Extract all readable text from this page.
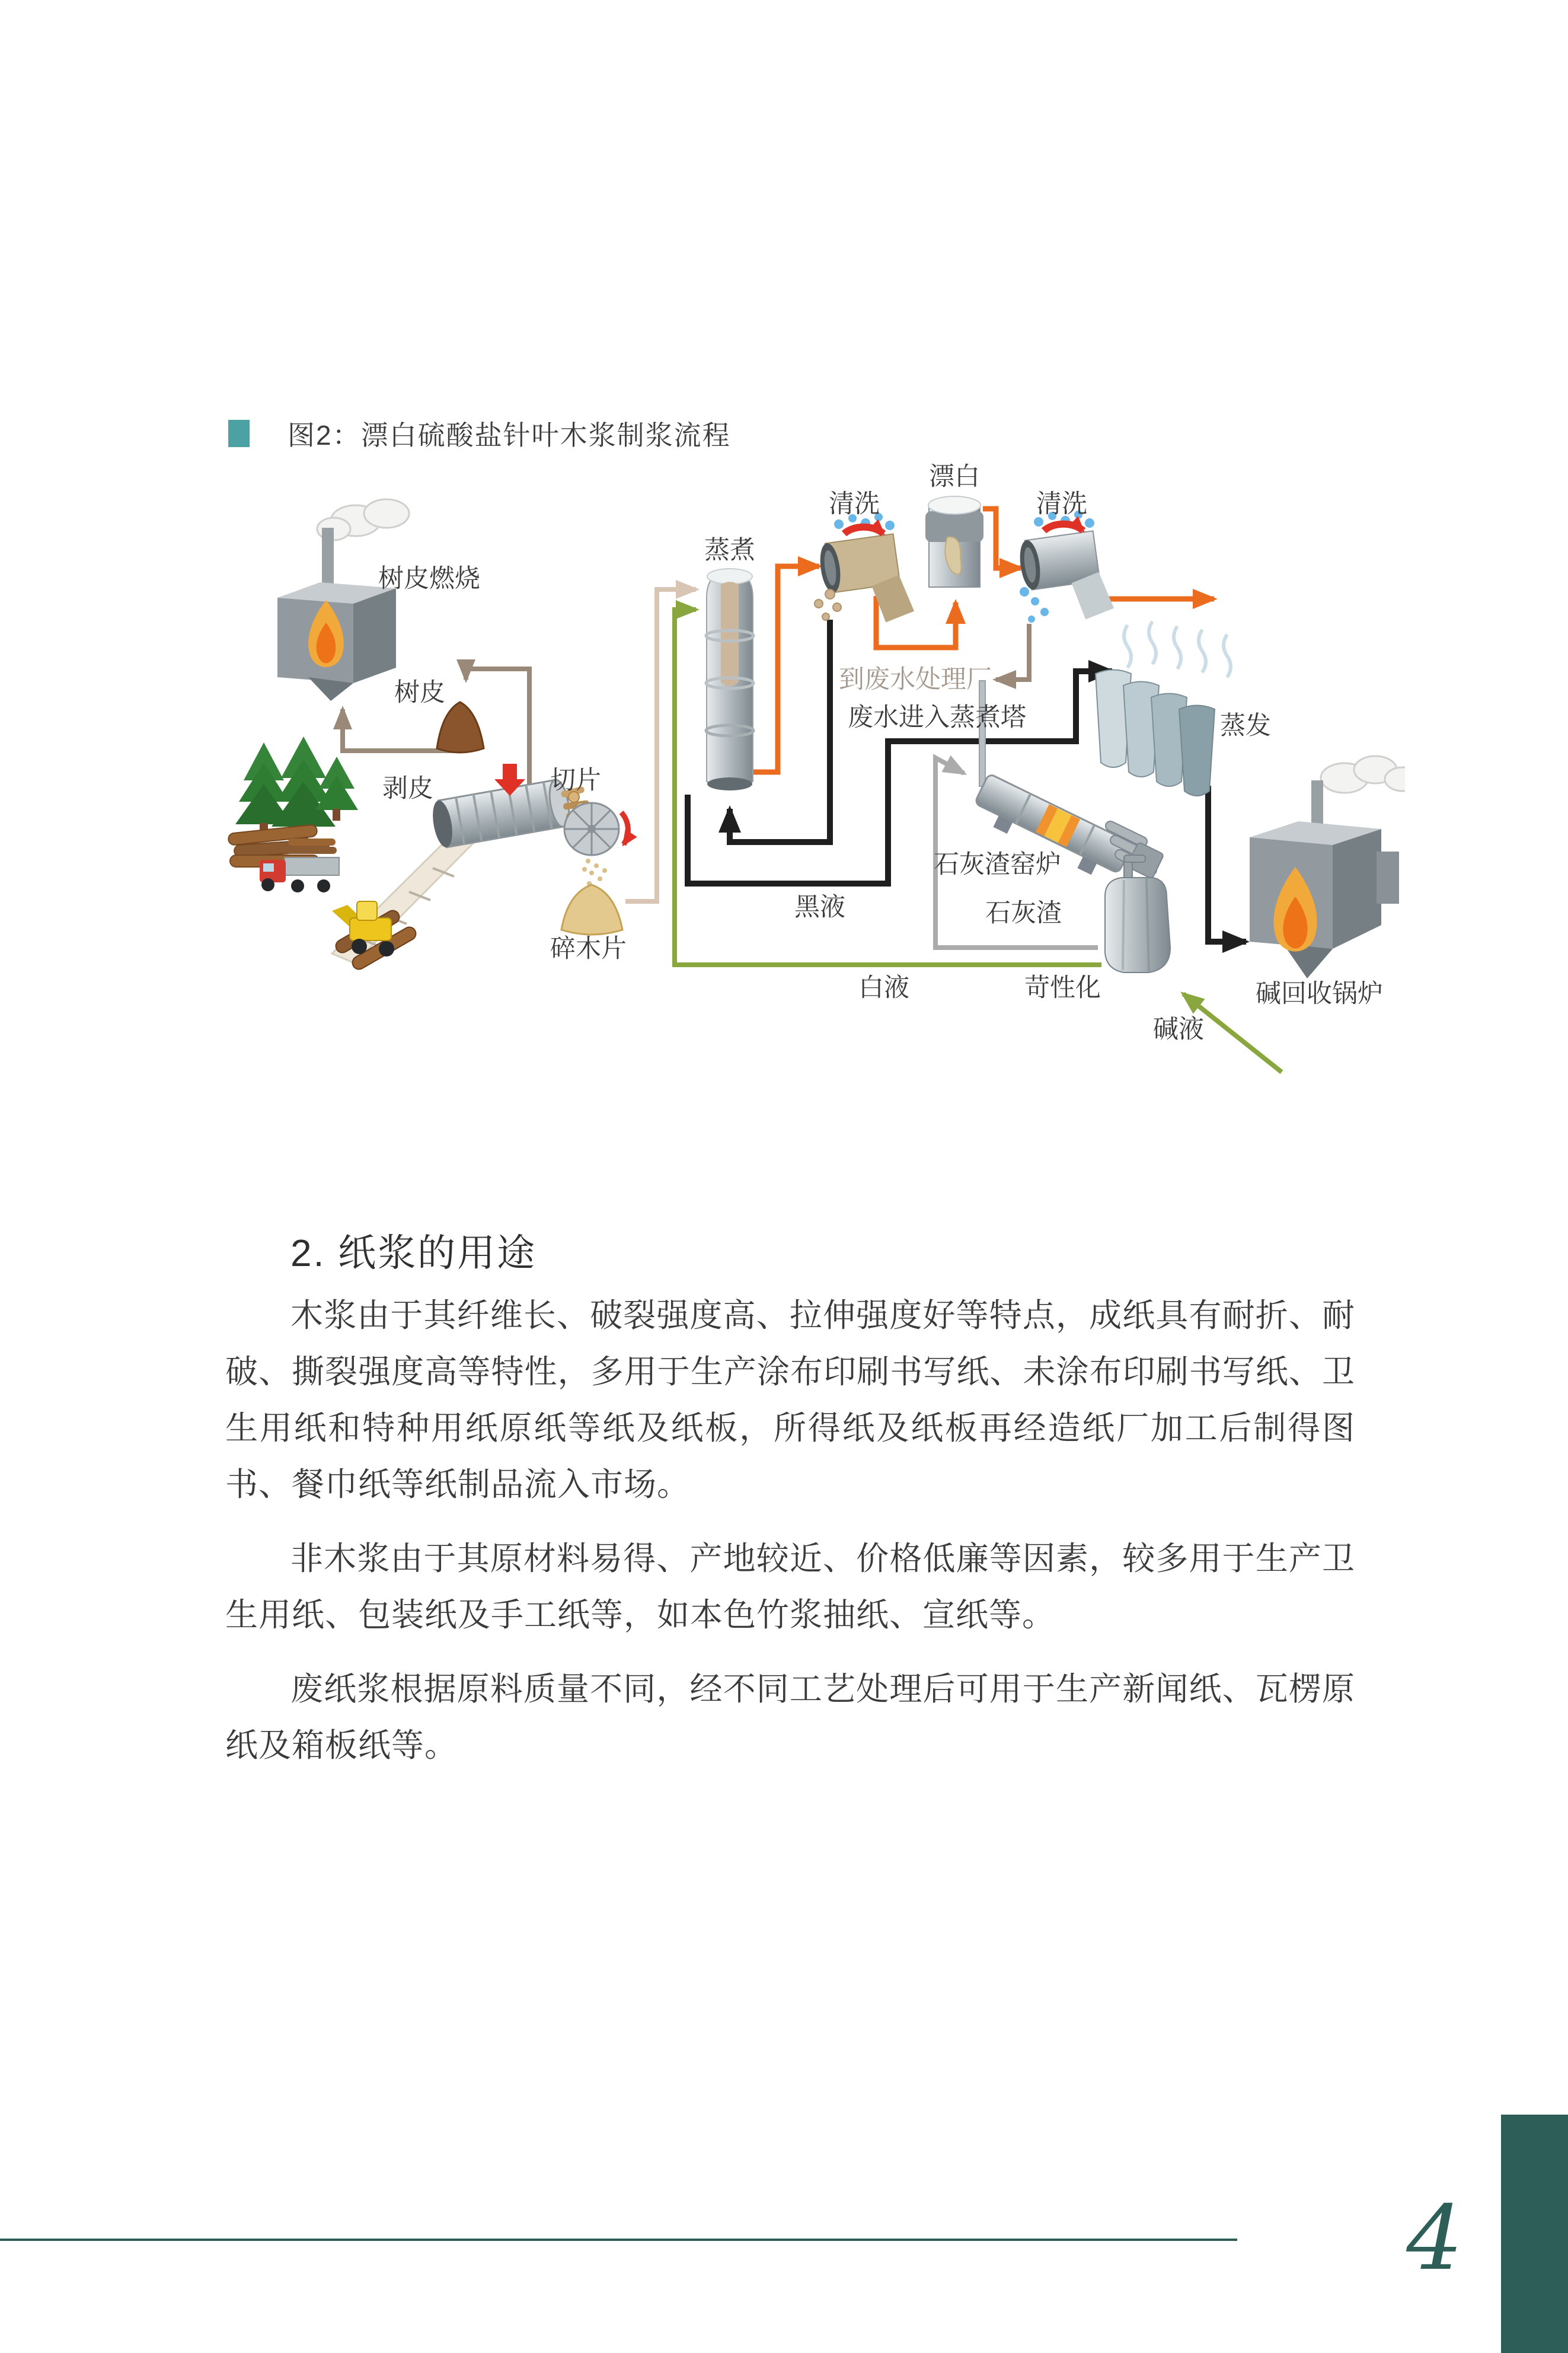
图2：漂白硫酸盐针叶木浆制浆流程
树皮燃烧
树皮
剥皮	切片
碎木片
蒸煮
清洗
漂白
清洗
到废水处理厂
废水进入蒸煮塔
黑液
石灰渣窑炉
石灰渣
白液	苛性化	碱回收锅炉
碱液
蒸发
2. 纸浆的用途

木浆由于其纤维长、破裂强度高、拉伸强度好等特点，成纸具有耐折、耐破、撕裂强度高等特性，多用于生产涂布印刷书写纸、未涂布印刷书写纸、卫生用纸和特种用纸原纸等纸及纸板，所得纸及纸板再经造纸厂加工后制得图书、餐巾纸等纸制品流入市场。

非木浆由于其原材料易得、产地较近、价格低廉等因素，较多用于生产卫生用纸、包装纸及手工纸等，如本色竹浆抽纸、宣纸等。

废纸浆根据原料质量不同，经不同工艺处理后可用于生产新闻纸、瓦楞原纸及箱板纸等。

4
